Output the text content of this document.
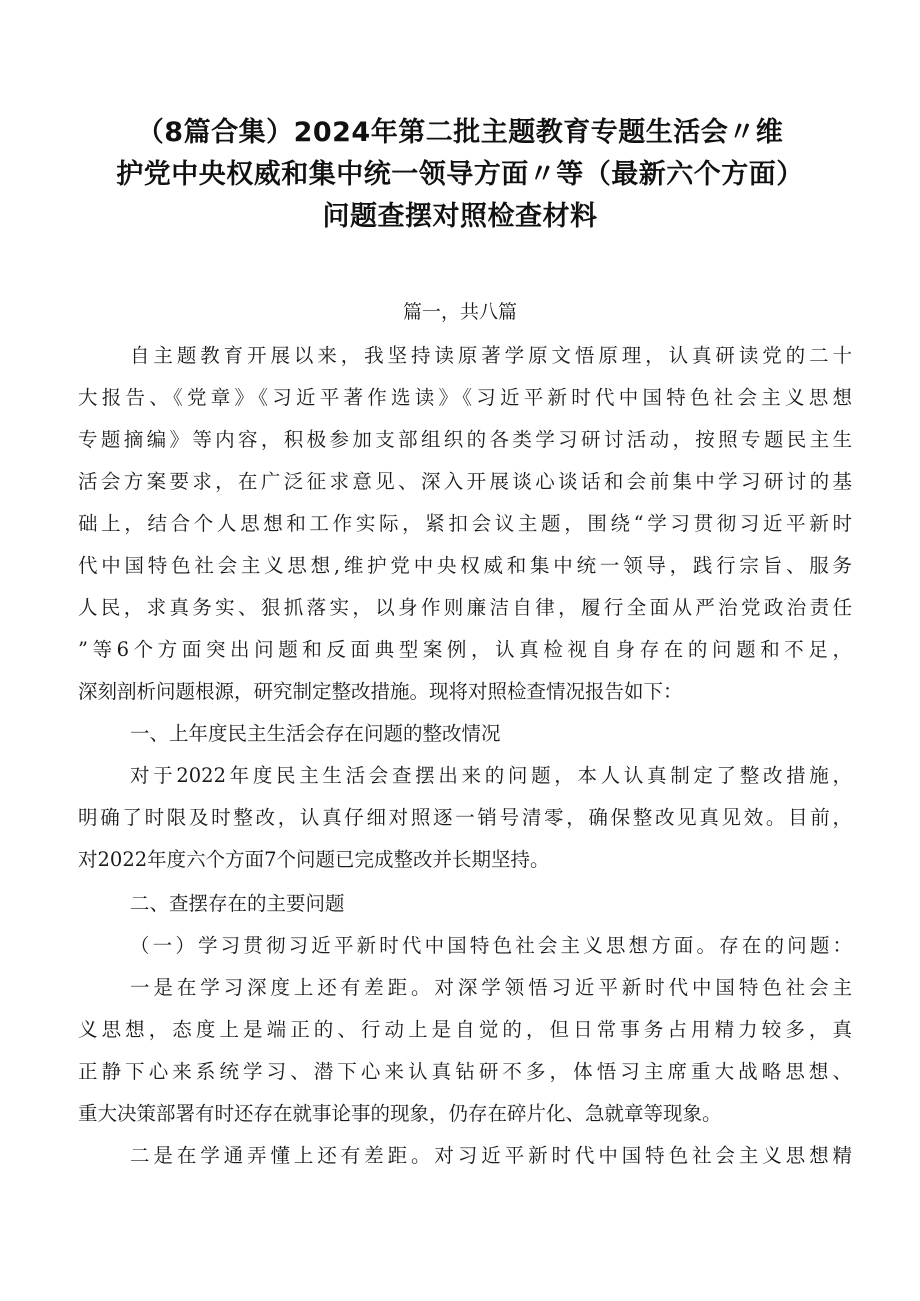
（8篇合集）2024年第二批主题教育专题生活会〃维
护党中央权威和集中统一领导方面〃等（最新六个方面）
问题查摆对照检查材料
篇一，共八篇
自主题教育开展以来，我坚持读原著学原文悟原理，认真研读党的二十
大报告、《党章》《习近平著作选读》《习近平新时代中国特色社会主义思想
专题摘编》等内容，积极参加支部组织的各类学习研讨活动，按照专题民主生
活会方案要求，在广泛征求意见、深入开展谈心谈话和会前集中学习研讨的基
础上，结合个人思想和工作实际，紧扣会议主题，围绕“学习贯彻习近平新时
代中国特色社会主义思想,维护党中央权威和集中统一领导，践行宗旨、服务
人民，求真务实、狠抓落实，以身作则廉洁自律，履行全面从严治党政治责任
”等6个方面突出问题和反面典型案例，认真检视自身存在的问题和不足，
深刻剖析问题根源，研究制定整改措施。现将对照检查情况报告如下：
一、上年度民主生活会存在问题的整改情况
对于2022年度民主生活会查摆出来的问题，本人认真制定了整改措施，
明确了时限及时整改，认真仔细对照逐一销号清零，确保整改见真见效。目前，
对2022年度六个方面7个问题已完成整改并长期坚持。
二、查摆存在的主要问题
（一）学习贯彻习近平新时代中国特色社会主义思想方面。存在的问题：
一是在学习深度上还有差距。对深学领悟习近平新时代中国特色社会主
义思想，态度上是端正的、行动上是自觉的，但日常事务占用精力较多，真
正静下心来系统学习、潜下心来认真钻研不多，体悟习主席重大战略思想、
重大决策部署有时还存在就事论事的现象，仍存在碎片化、急就章等现象。
二是在学通弄懂上还有差距。对习近平新时代中国特色社会主义思想精
